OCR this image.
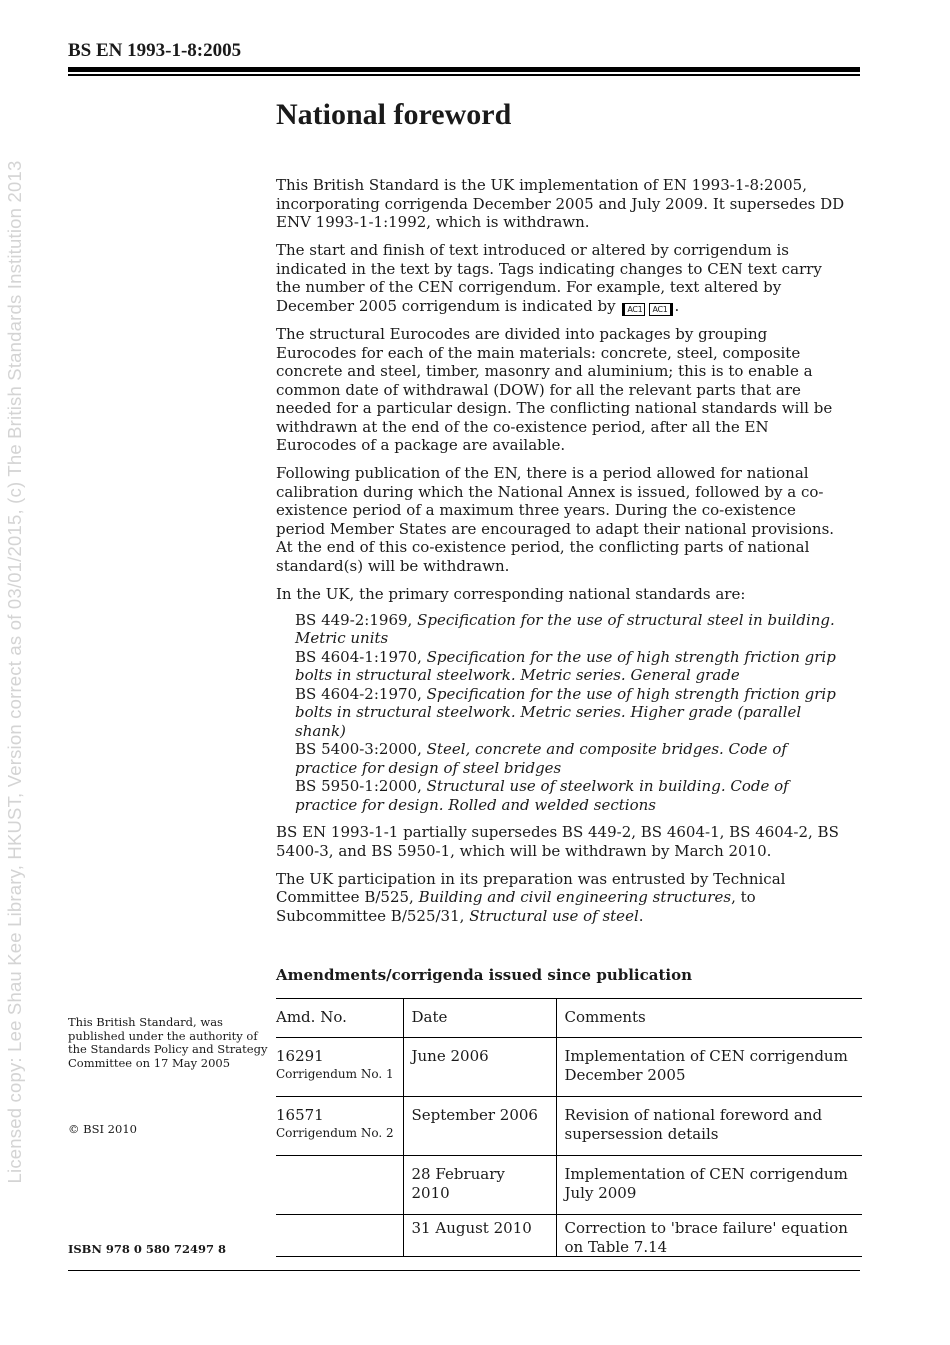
Licensed copy: Lee Shau Kee Library, HKUST, Version correct as of 03/01/2015, (c) The British Standards Institution 2013
BS EN 1993-1-8:2005
National foreword

This British Standard is the UK implementation of EN 1993-1-8:2005, incorporating corrigenda December 2005 and July 2009. It supersedes DD ENV 1993-1-1:1992, which is withdrawn.

The start and finish of text introduced or altered by corrigendum is indicated in the text by tags. Tags indicating changes to CEN text carry the number of the CEN corrigendum. For example, text altered by December 2005 corrigendum is indicated by AC1 AC1 .

The structural Eurocodes are divided into packages by grouping Eurocodes for each of the main materials: concrete, steel, composite concrete and steel, timber, masonry and aluminium; this is to enable a common date of withdrawal (DOW) for all the relevant parts that are needed for a particular design. The conflicting national standards will be withdrawn at the end of the co-existence period, after all the EN Eurocodes of a package are available.

Following publication of the EN, there is a period allowed for national calibration during which the National Annex is issued, followed by a co-existence period of a maximum three years. During the co-existence period Member States are encouraged to adapt their national provisions. At the end of this co-existence period, the conflicting parts of national standard(s) will be withdrawn.

In the UK, the primary corresponding national standards are:

BS 449-2:1969, Specification for the use of structural steel in building. Metric units
BS 4604-1:1970, Specification for the use of high strength friction grip bolts in structural steelwork. Metric series. General grade
BS 4604-2:1970, Specification for the use of high strength friction grip bolts in structural steelwork. Metric series. Higher grade (parallel shank)
BS 5400-3:2000, Steel, concrete and composite bridges. Code of practice for design of steel bridges
BS 5950-1:2000, Structural use of steelwork in building. Code of practice for design. Rolled and welded sections

BS EN 1993-1-1 partially supersedes BS 449-2, BS 4604-1, BS 4604-2, BS 5400-3, and BS 5950-1, which will be withdrawn by March 2010.

The UK participation in its preparation was entrusted by Technical Committee B/525, Building and civil engineering structures, to Subcommittee B/525/31, Structural use of steel.

Amendments/corrigenda issued since publication
Amd. No.	Date	Comments
16291
Corrigendum No. 1	June 2006	Implementation of CEN corrigendum December 2005
16571
Corrigendum No. 2	September 2006	Revision of national foreword and supersession details
	28 February 2010	Implementation of CEN corrigendum July 2009
	31 August 2010	Correction to 'brace failure' equation on Table 7.14
This British Standard, was published under the authority of the Standards Policy and Strategy Committee on 17 May 2005
© BSI 2010
ISBN 978 0 580 72497 8
